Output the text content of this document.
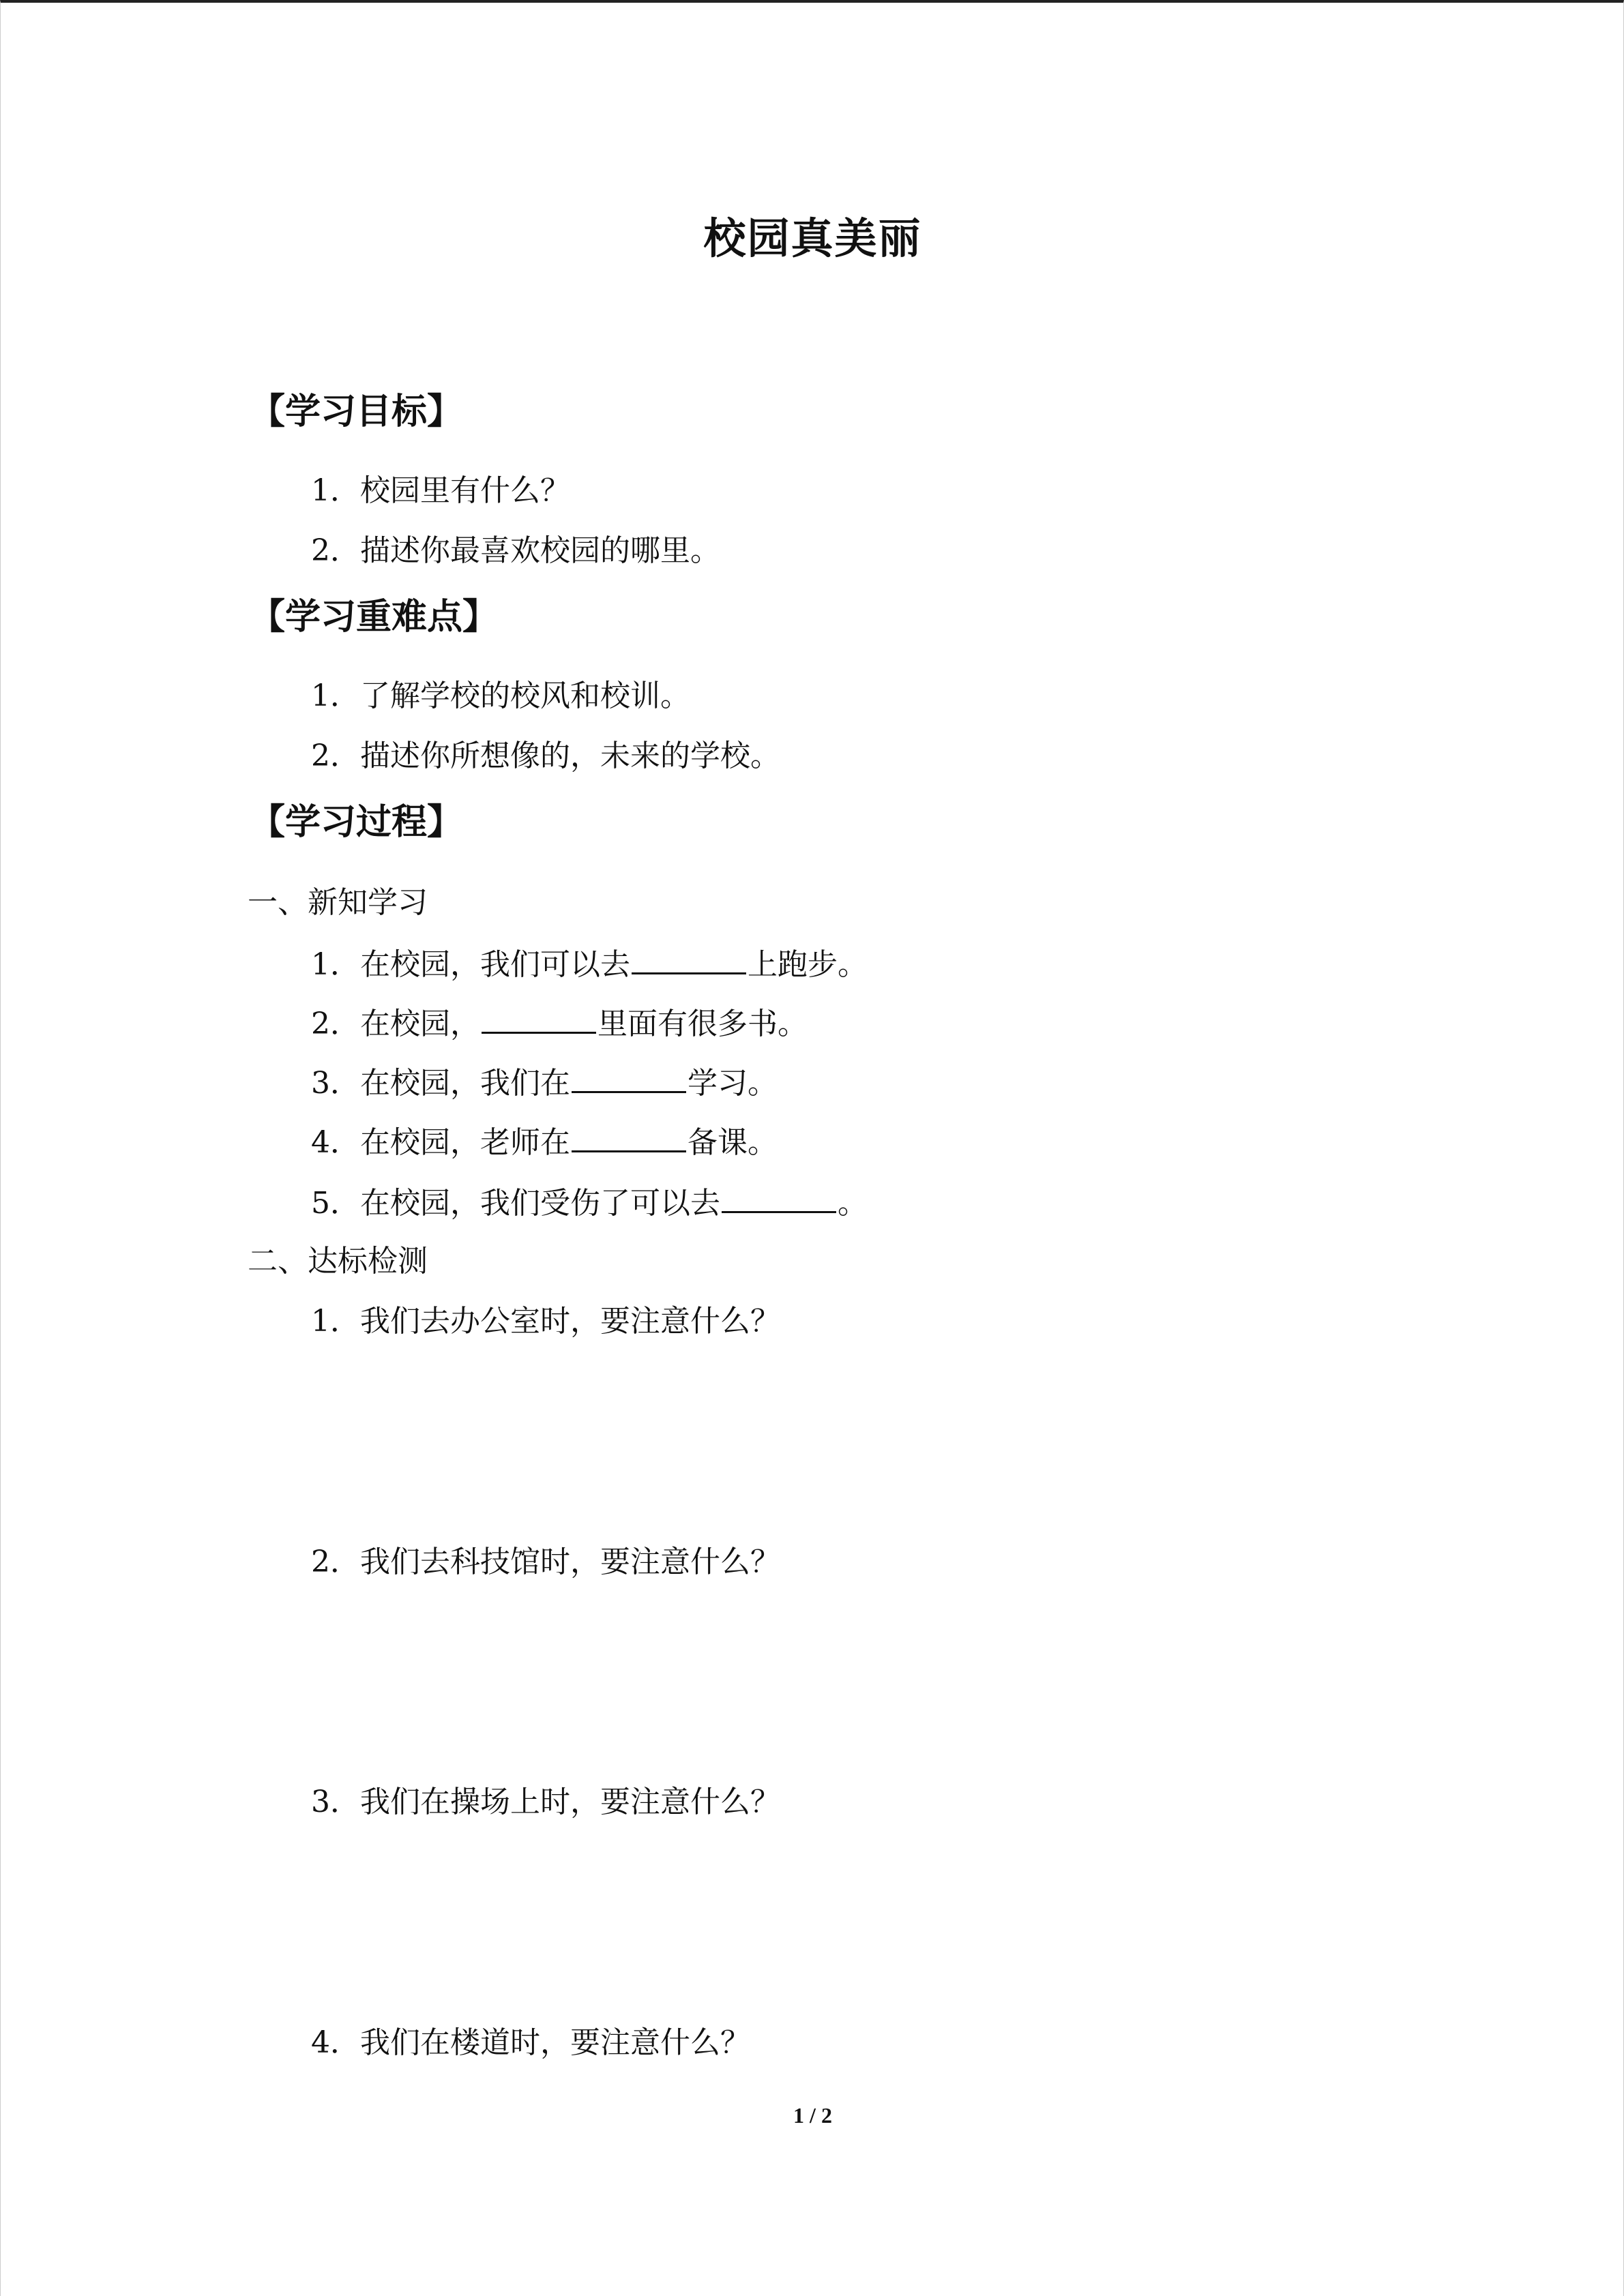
校园真美丽
【学习目标】
1．校园里有什么？
2．描述你最喜欢校园的哪里。
【学习重难点】
1．了解学校的校风和校训。
2．描述你所想像的，未来的学校。
【学习过程】
一、新知学习
1．在校园，我们可以去	上跑步。
2．在校园，	里面有很多书。
3．在校园，我们在	学习。
4．在校园，老师在	备课。
5．在校园，我们受伤了可以去	。
二、达标检测
1．我们去办公室时，要注意什么？
2．我们去科技馆时，要注意什么？
3．我们在操场上时，要注意什么？
4．我们在楼道时，要注意什么？
1 / 2
